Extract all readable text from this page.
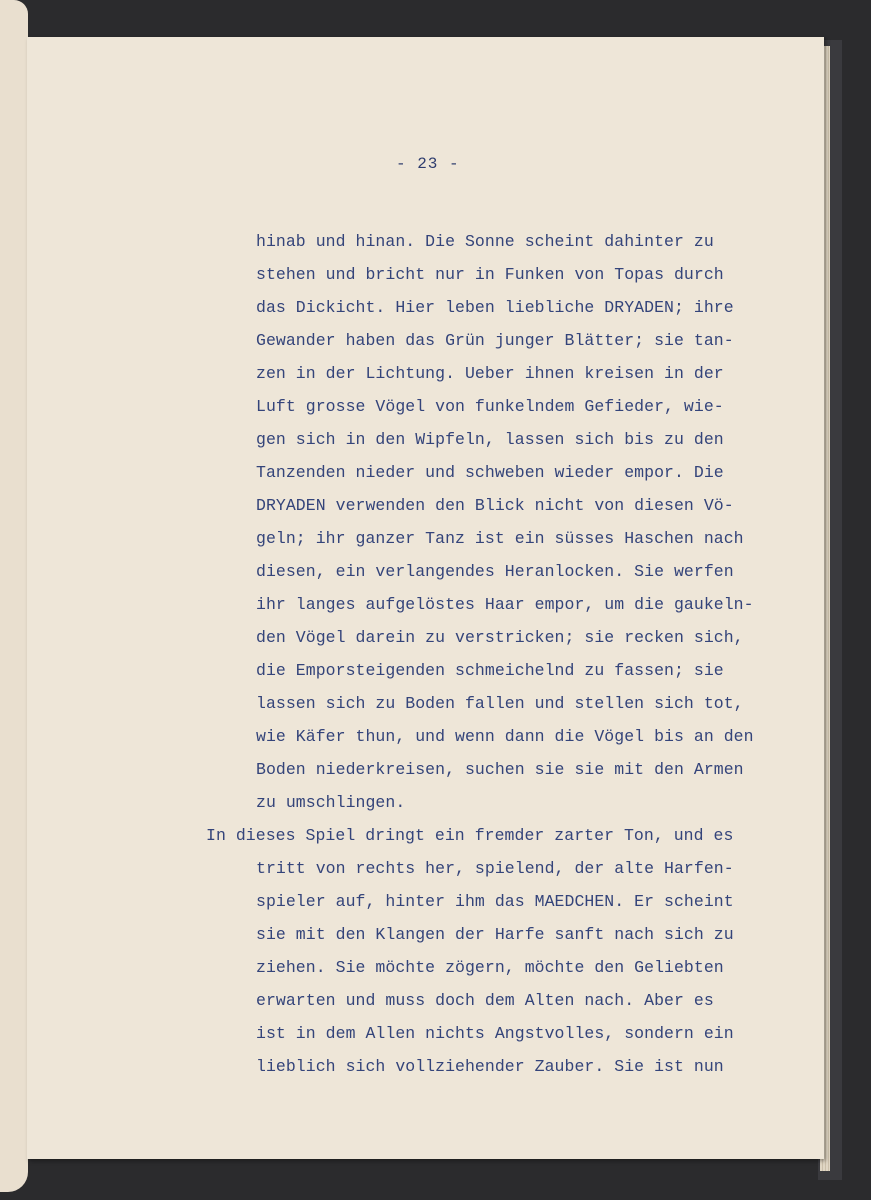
- 23 -
hinab und hinan. Die Sonne scheint dahinter zu
stehen und bricht nur in Funken von Topas durch
das Dickicht. Hier leben liebliche DRYADEN; ihre
Gewander haben das Grün junger Blätter; sie tan-
zen in der Lichtung. Ueber ihnen kreisen in der
Luft grosse Vögel von funkelndem Gefieder, wie-
gen sich in den Wipfeln, lassen sich bis zu den
Tanzenden nieder und schweben wieder empor. Die
DRYADEN verwenden den Blick nicht von diesen Vö-
geln; ihr ganzer Tanz ist ein süsses Haschen nach
diesen, ein verlangendes Heranlocken. Sie werfen
ihr langes aufgelöstes Haar empor, um die gaukeln-
den Vögel darein zu verstricken; sie recken sich,
die Emporsteigenden schmeichelnd zu fassen; sie
lassen sich zu Boden fallen und stellen sich tot,
wie Käfer thun, und wenn dann die Vögel bis an den
Boden niederkreisen, suchen sie sie mit den Armen
zu umschlingen.
In dieses Spiel dringt ein fremder zarter Ton, und es
tritt von rechts her, spielend, der alte Harfen-
spieler auf, hinter ihm das MAEDCHEN. Er scheint
sie mit den Klangen der Harfe sanft nach sich zu
ziehen. Sie möchte zögern, möchte den Geliebten
erwarten und muss doch dem Alten nach. Aber es
ist in dem Allen nichts Angstvolles, sondern ein
lieblich sich vollziehender Zauber. Sie ist nun
